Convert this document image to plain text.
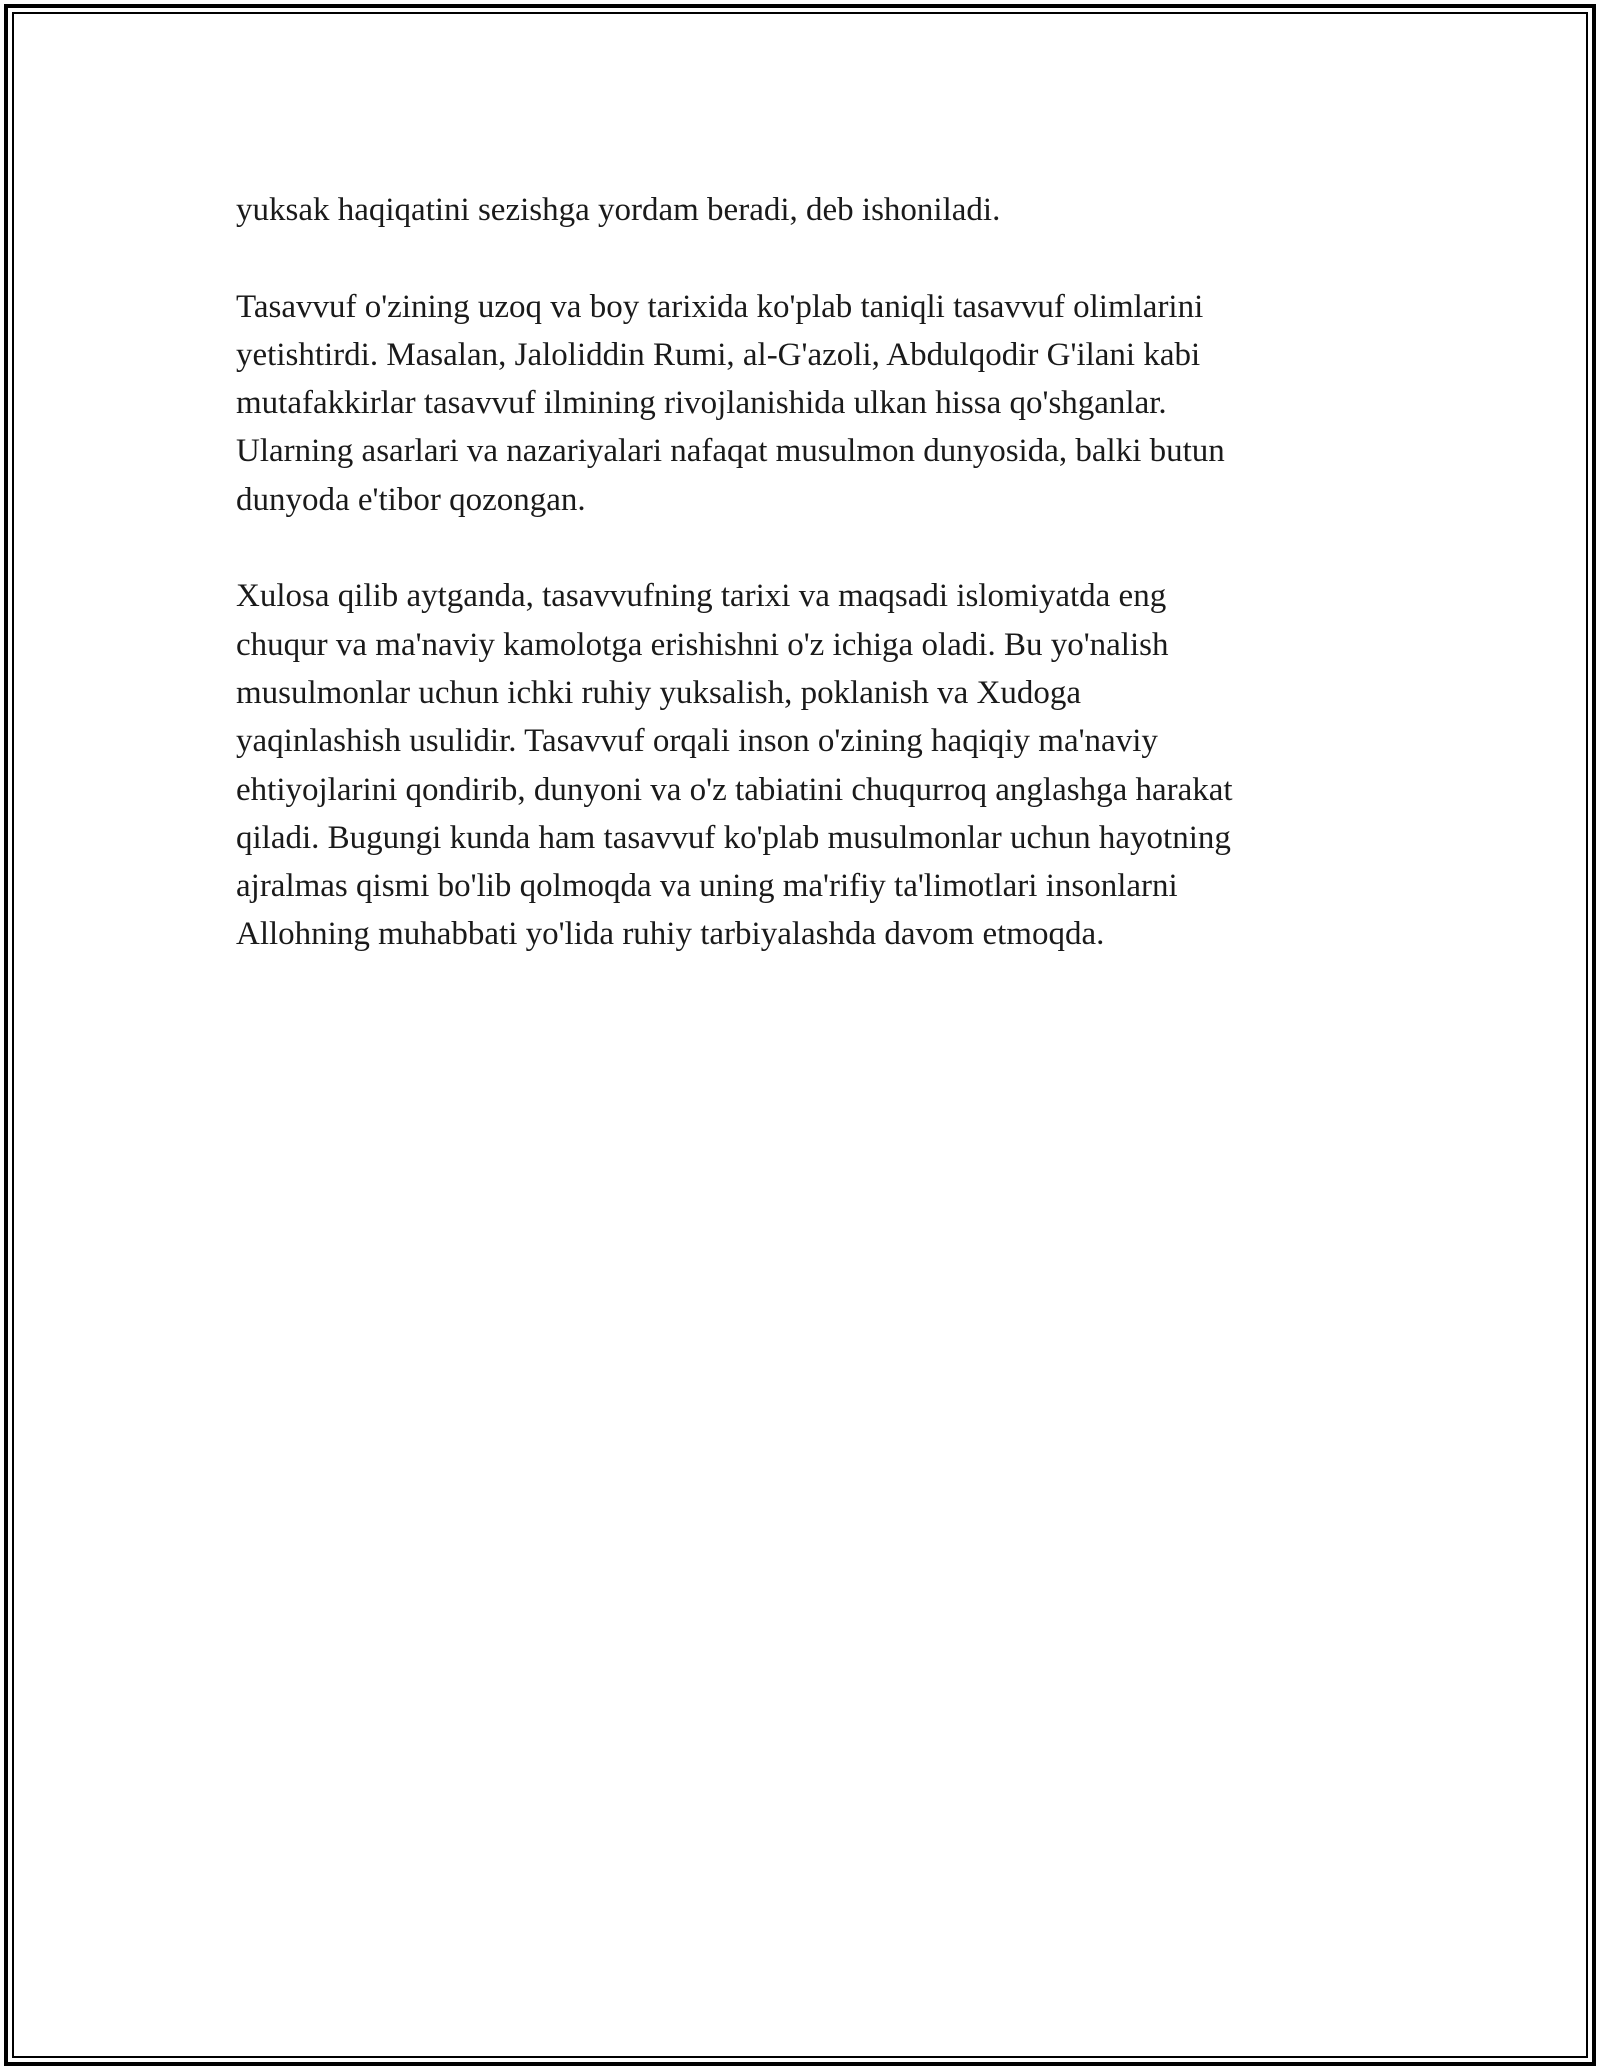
yuksak haqiqatini sezishga yordam beradi, deb ishoniladi.
Tasavvuf o'zining uzoq va boy tarixida ko'plab taniqli tasavvuf olimlarini
yetishtirdi. Masalan, Jaloliddin Rumi, al-G'azoli, Abdulqodir G'ilani kabi
mutafakkirlar tasavvuf ilmining rivojlanishida ulkan hissa qo'shganlar.
Ularning asarlari va nazariyalari nafaqat musulmon dunyosida, balki butun
dunyoda e'tibor qozongan.
Xulosa qilib aytganda, tasavvufning tarixi va maqsadi islomiyatda eng
chuqur va ma'naviy kamolotga erishishni o'z ichiga oladi. Bu yo'nalish
musulmonlar uchun ichki ruhiy yuksalish, poklanish va Xudoga
yaqinlashish usulidir. Tasavvuf orqali inson o'zining haqiqiy ma'naviy
ehtiyojlarini qondirib, dunyoni va o'z tabiatini chuqurroq anglashga harakat
qiladi. Bugungi kunda ham tasavvuf ko'plab musulmonlar uchun hayotning
ajralmas qismi bo'lib qolmoqda va uning ma'rifiy ta'limotlari insonlarni
Allohning muhabbati yo'lida ruhiy tarbiyalashda davom etmoqda.
